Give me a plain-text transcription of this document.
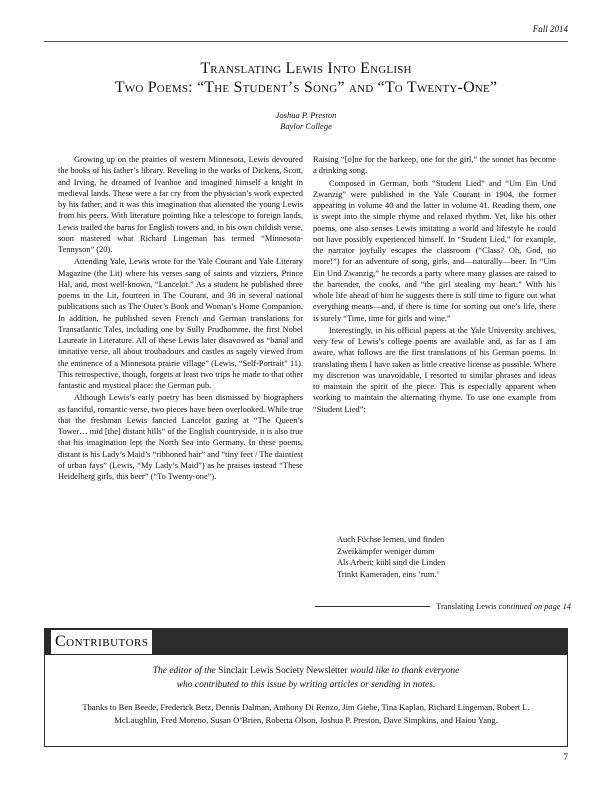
Fall 2014
Translating Lewis Into English
Two Poems: “The Student’s Song” and “To Twenty-One”
Joshua P. Preston
Baylor College

Growing up on the prairies of western Minnesota, Lewis devoured the books of his father’s library. Reveling in the works of Dickens, Scott, and Irving, he dreamed of Ivanhoe and imagined himself a knight in medieval lands. These were a far cry from the physician’s work expected by his father, and it was this imagination that alienated the young Lewis from his peers. With literature pointing like a telescope to foreign lands, Lewis trailed the barns for English towers and, in his own childish verse, soon mastered what Richard Lingeman has termed “Minnesota-Tennyson” (20).

Attending Yale, Lewis wrote for the Yale Courant and Yale Literary Magazine (the Lit) where his verses sang of saints and vizziers, Prince Hal, and, most well-known, “Lancelot.” As a student he published three poems in the Lit, fourteen in The Courant, and 36 in several national publications such as The Outer’s Book and Woman’s Home Companion. In addition, he published seven French and German translations for Transatlantic Tales, including one by Sully Prudhomme, the first Nobel Laureate in Literature. All of these Lewis later disavowed as “banal and imitative verse, all about troubadours and castles as sagely viewed from the eminence of a Minnesota prairie village” (Lewis, “Self-Portrait” 11). This retrospective, though, forgets at least two trips he made to that other fantastic and mystical place: the German pub.

Although Lewis’s early poetry has been dismissed by biographers as fanciful, romantic verse, two pieces have been overlooked. While true that the freshman Lewis fancied Lancelot gazing at “The Queen’s Tower… mid [the] distant hills” of the English countryside, it is also true that his imagination lept the North Sea into Germany. In these poems, distant is his Lady’s Maid’s “ribboned hair” and “tiny feet / The daintiest of urban fays” (Lewis, “My Lady’s Maid”) as he praises instead “These Heidelberg girls, this beer” (“To Twenty-one”).

Raising “[o]ne for the barkeep, one for the girl,” the sonnet has become a drinking song.

Composed in German, both “Student Lied” and “Um Ein Und Zwanzig” were published in the Yale Courant in 1904, the former appearing in volume 40 and the latter in volume 41. Reading them, one is swept into the simple rhyme and relaxed rhythm. Yet, like his other poems, one also senses Lewis imitating a world and lifestyle he could not have possibly experienced himself. In “Student Lied,” for example, the narrator joyfully escapes the classroom (“Class? Oh, God, no more!”) for an adventure of song, girls, and—naturally—beer. In “Um Ein Und Zwanzig,” he records a party where many glasses are raised to the bartender, the cooks, and “the girl stealing my heart.” With his whole life ahead of him he suggests there is still time to figure out what everything means—and, if there is time for sorting out one’s life, there is surely “Time, time for girls and wine.”

Interestingly, in his official papers at the Yale University archives, very few of Lewis’s college poems are available and, as far as I am aware, what follows are the first translations of his German poems. In translating them I have taken as little creative license as possible. Where my discretion was unavoidable, I resorted to similar phrases and ideas to maintain the spirit of the piece. This is especially apparent when working to maintain the alternating rhyme. To use one example from “Student Lied”:

Auch Füchse lernen, und finden
Zweikämpfer weniger dumm
Als Arbeit; kühl sind die Linden
Trinkt Kameraden, eins ’rum.’
Translating Lewis
continued on page 14
Contributors
The editor of the Sinclair Lewis Society Newsletter would like to thank everyone
who contributed to this issue by writing articles or sending in notes.
Thanks to Ben Beede, Frederick Betz, Dennis Dalman, Anthony Di Renzo, Jim Giebe, Tina Kaplan, Richard Lingeman, Robert L. McLaughlin, Fred Moreno, Susan O’Brien, Roberta Olson, Joshua P. Preston, Dave Simpkins, and Haiou Yang.
7
